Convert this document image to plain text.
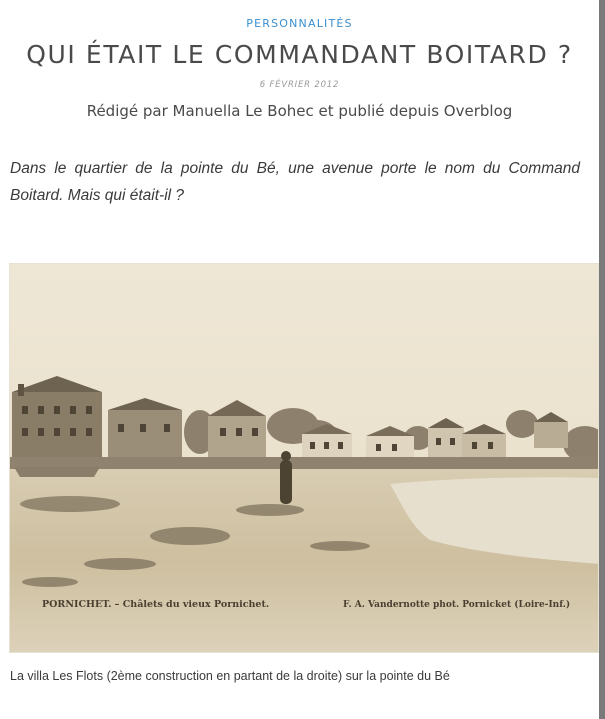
PERSONNALITÉS
QUI ÉTAIT LE COMMANDANT BOITARD ?
6 FÉVRIER 2012
Rédigé par Manuella Le Bohec et publié depuis Overblog

Dans le quartier de la pointe du Bé, une avenue porte le nom du Command Boitard. Mais qui était-il ?

PORNICHET. – Châlets du vieux Pornichet.	F. A. Vandernotte phot. Pornicket (Loire-Inf.)
La villa Les Flots (2ème construction en partant de la droite) sur la pointe du Bé
